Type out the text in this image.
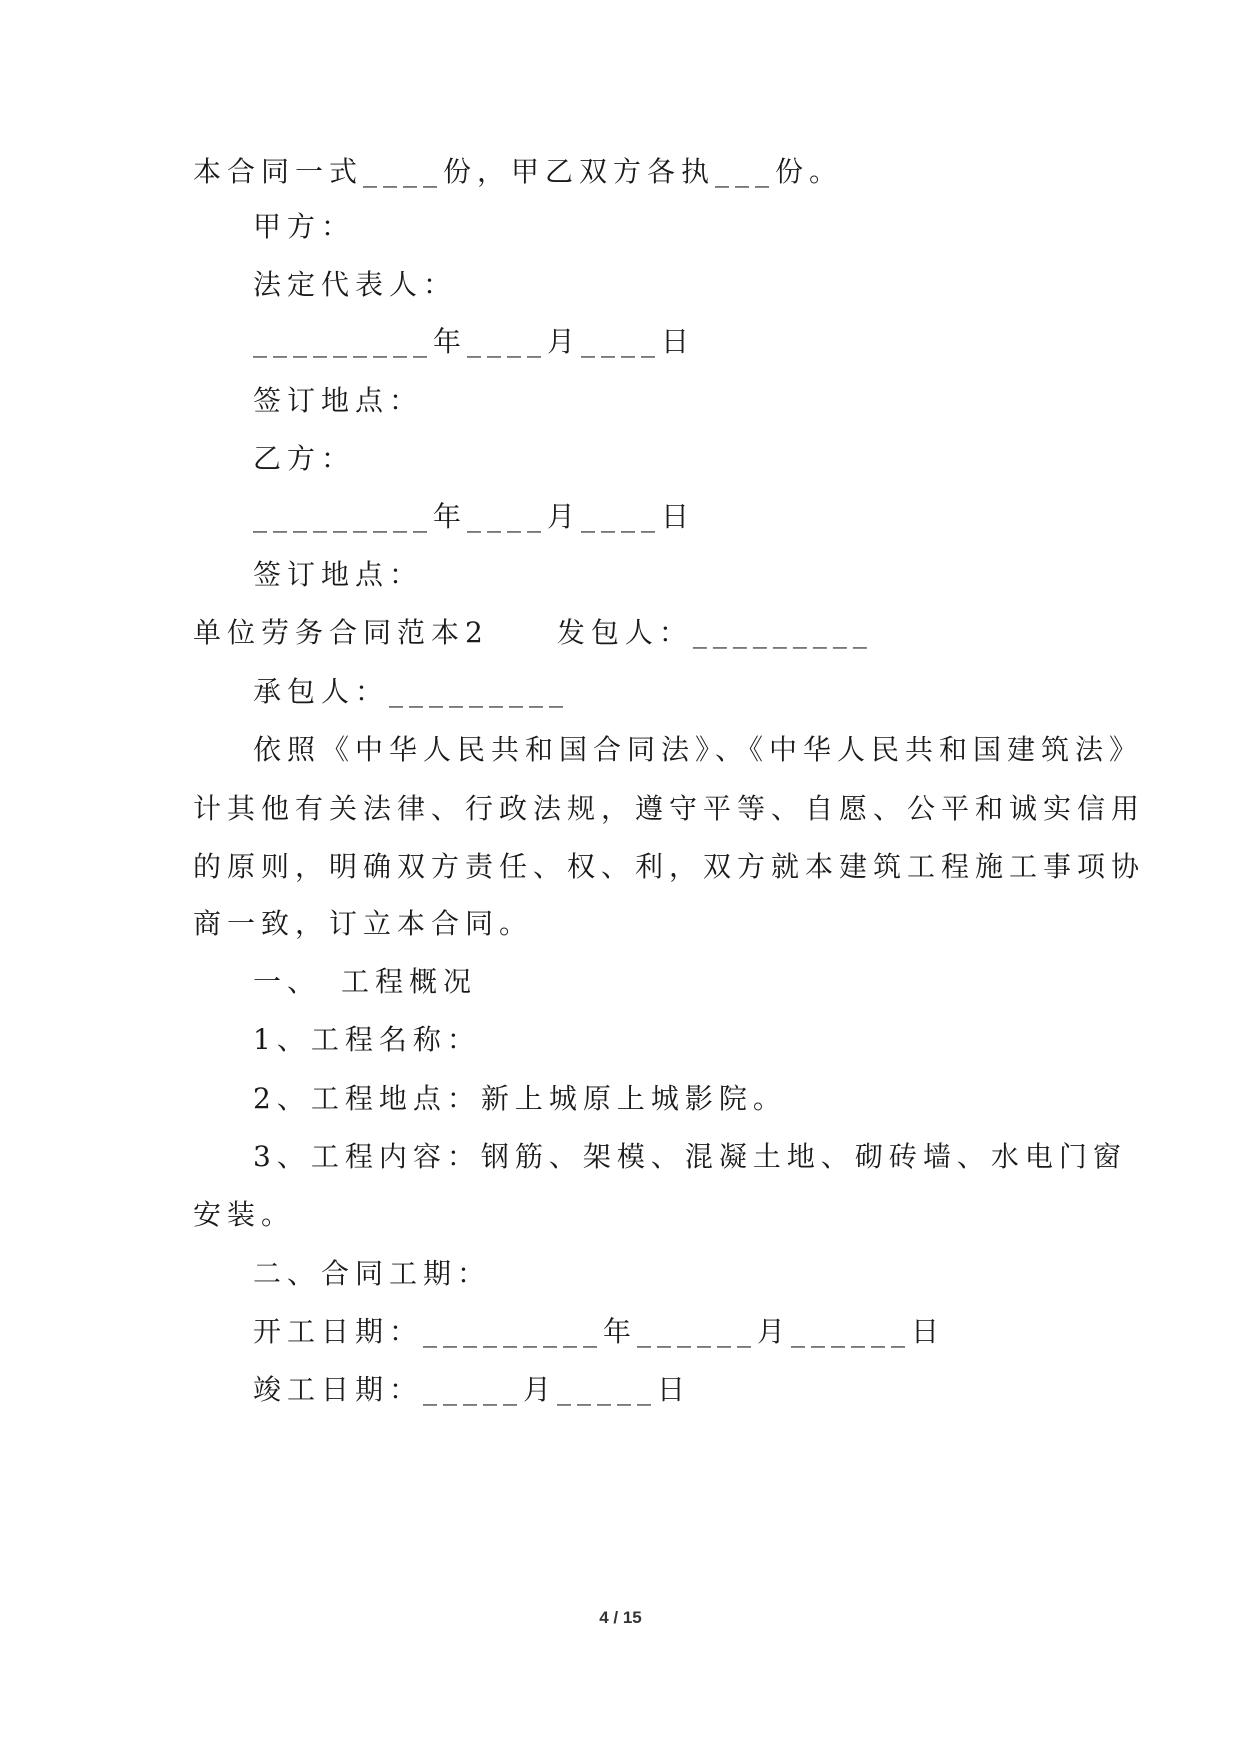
本合同一式____份，甲乙双方各执___份。
甲方：
法定代表人：
_________年____月____日
签订地点：
乙方：
_________年____月____日
签订地点：
单位劳务合同范本2　　发包人：_________
承包人：_________
依照《中华人民共和国合同法》、《中华人民共和国建筑法》
计其他有关法律、行政法规，遵守平等、自愿、公平和诚实信用
的原则，明确双方责任、权、利，双方就本建筑工程施工事项协
商一致，订立本合同。
一、　工程概况
1、工程名称：
2、工程地点：新上城原上城影院。
3、工程内容：钢筋、架模、混凝土地、砌砖墙、水电门窗
安装。
二、合同工期：
开工日期：_________年______月______日
竣工日期：_____月_____日
4 / 15
